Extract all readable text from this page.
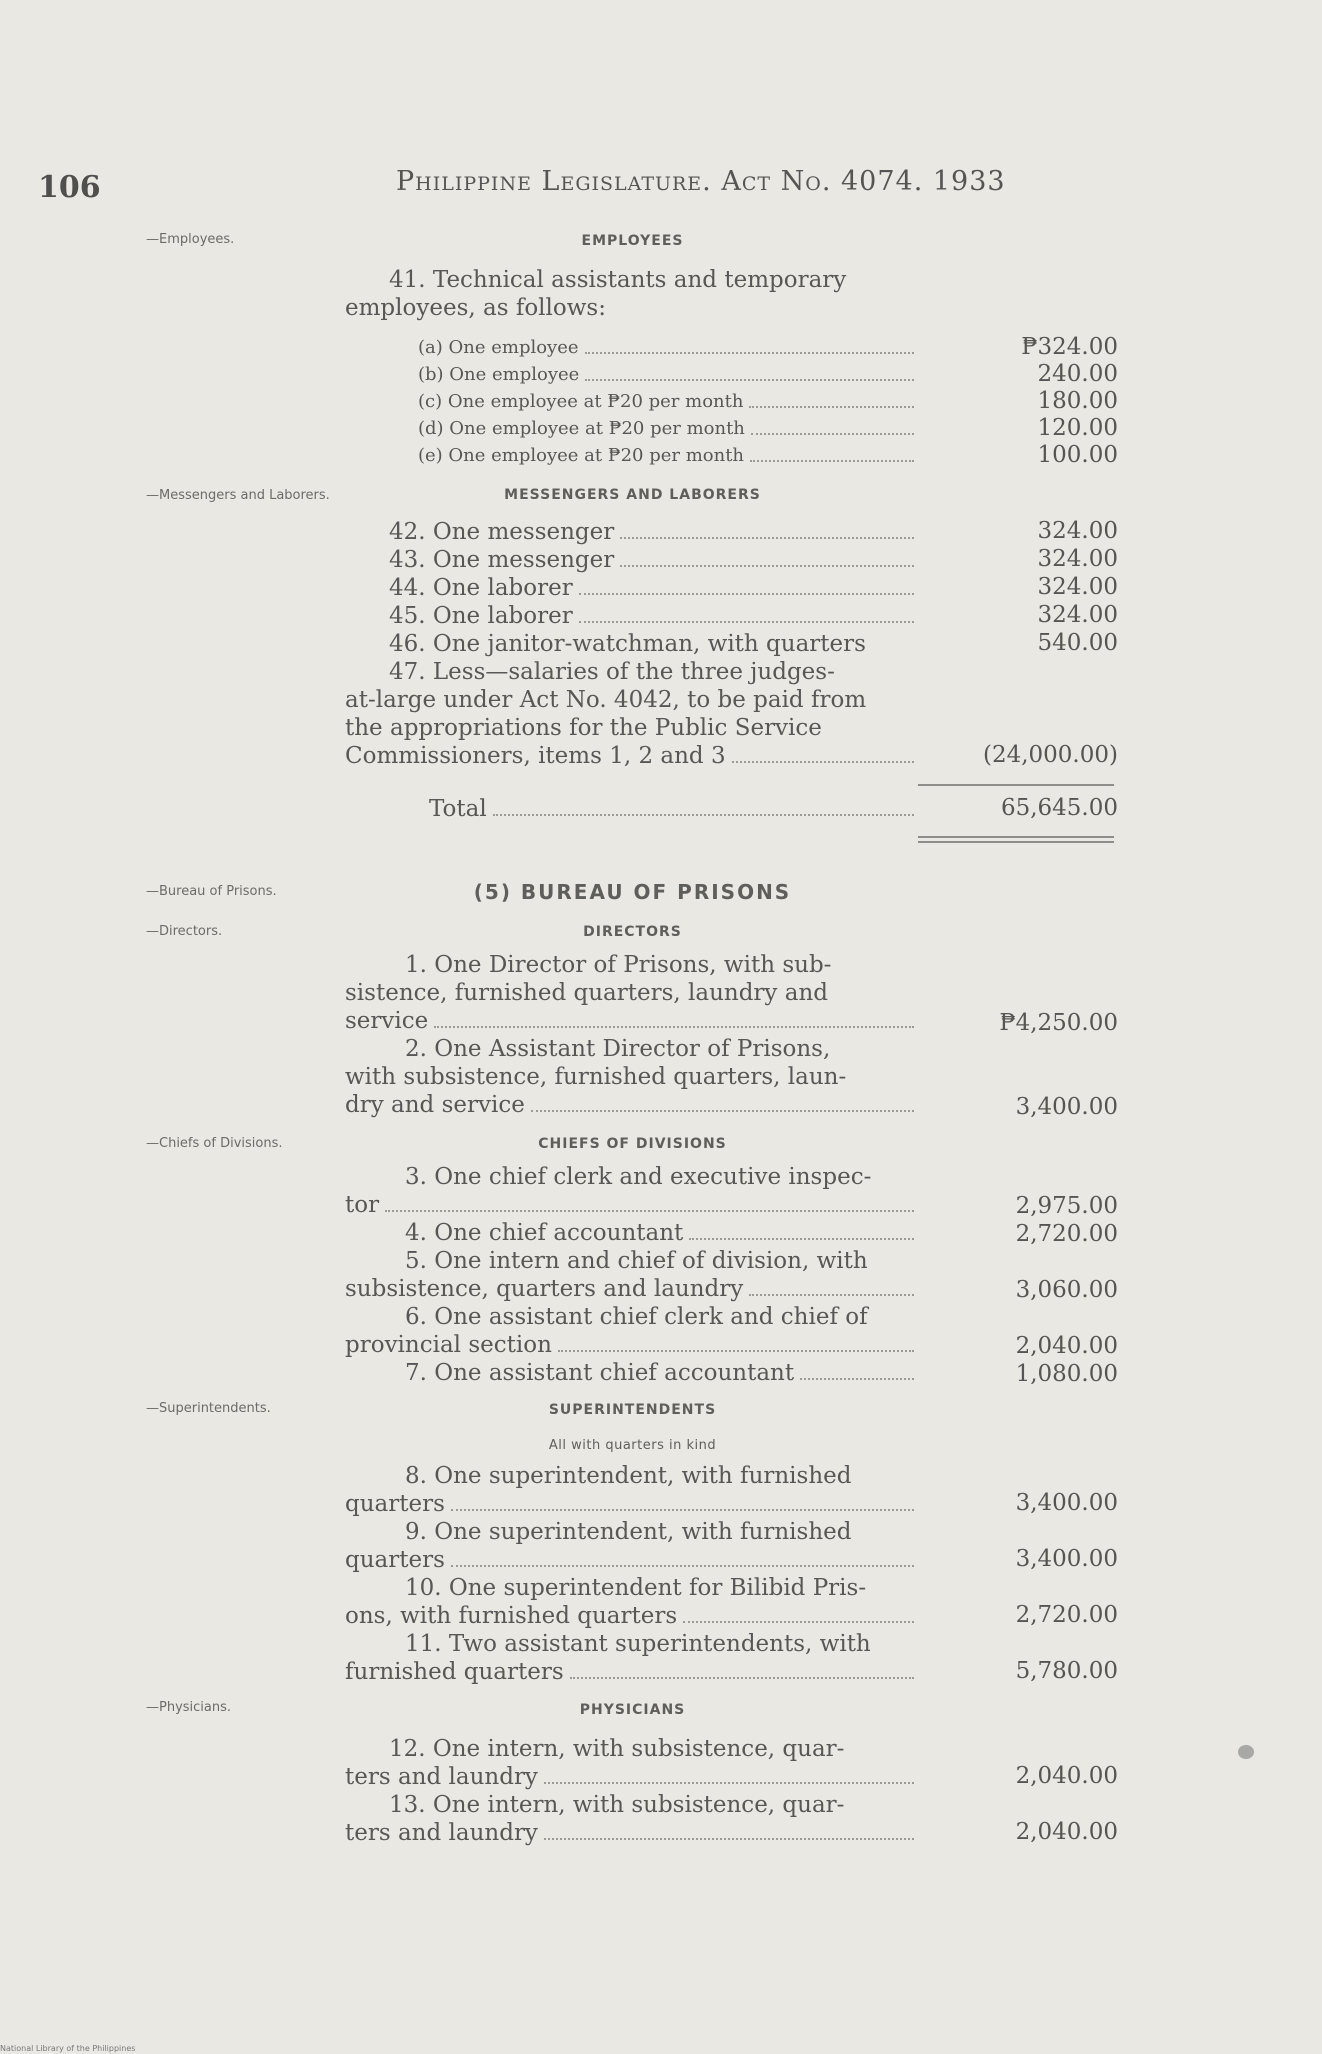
106	Philippine Legislature. Act No. 4074. 1933
—Employees.
—Messengers and Laborers.
—Bureau of Prisons.
—Directors.
—Chiefs of Divisions.
—Superintendents.
—Physicians.
EMPLOYEES
41. Technical assistants and temporary
employees, as follows:
(a) One employee
(b) One employee
(c) One employee at ₱20 per month
(d) One employee at ₱20 per month
(e) One employee at ₱20 per month
₱324.00
240.00
180.00
120.00
100.00
MESSENGERS AND LABORERS
42. One messenger
43. One messenger
44. One laborer
45. One laborer
46. One janitor-watchman, with quarters
47. Less—salaries of the three judges-
at-large under Act No. 4042, to be paid from
the appropriations for the Public Service
Commissioners, items 1, 2 and 3
324.00
324.00
324.00
324.00
540.00
(24,000.00)
Total	65,645.00
(5) BUREAU OF PRISONS
DIRECTORS
1. One Director of Prisons, with sub-
sistence, furnished quarters, laundry and
service
2. One Assistant Director of Prisons,
with subsistence, furnished quarters, laun-
dry and service
₱4,250.00
3,400.00
CHIEFS OF DIVISIONS
3. One chief clerk and executive inspec-
tor
4. One chief accountant
5. One intern and chief of division, with
subsistence, quarters and laundry
6. One assistant chief clerk and chief of
provincial section
7. One assistant chief accountant
2,975.00
2,720.00
3,060.00
2,040.00
1,080.00
SUPERINTENDENTS
All with quarters in kind
8. One superintendent, with furnished
quarters
9. One superintendent, with furnished
quarters
10. One superintendent for Bilibid Pris-
ons, with furnished quarters
11. Two assistant superintendents, with
furnished quarters
3,400.00
3,400.00
2,720.00
5,780.00
PHYSICIANS
12. One intern, with subsistence, quar-
ters and laundry
13. One intern, with subsistence, quar-
ters and laundry
2,040.00
2,040.00
National Library of the Philippines
